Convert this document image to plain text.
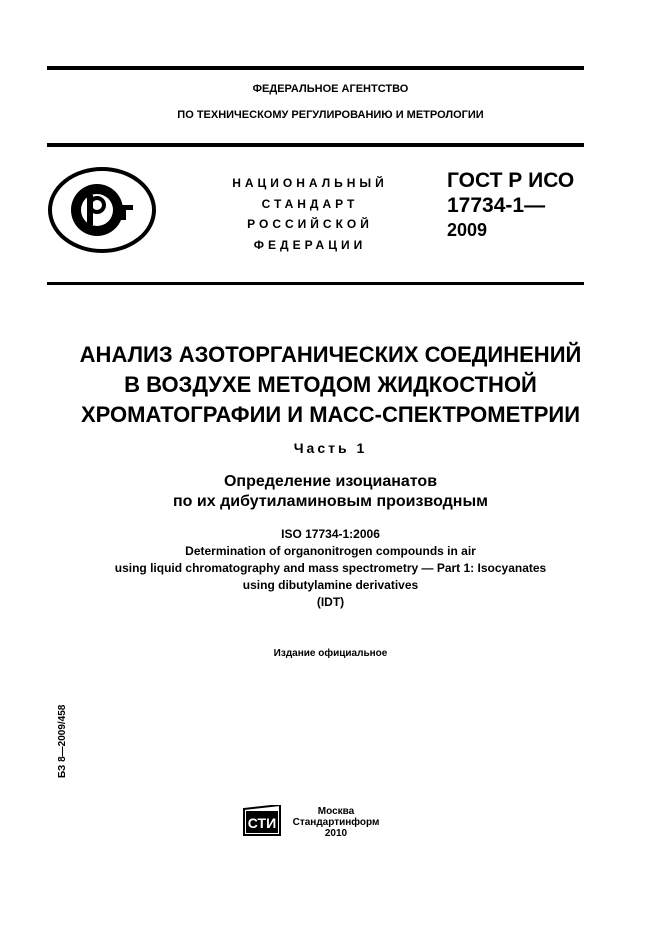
ФЕДЕРАЛЬНОЕ АГЕНТСТВО
ПО ТЕХНИЧЕСКОМУ РЕГУЛИРОВАНИЮ И МЕТРОЛОГИИ
НАЦИОНАЛЬНЫЙ
СТАНДАРТ
РОССИЙСКОЙ
ФЕДЕРАЦИИ
ГОСТ Р ИСО
17734-1—
2009
АНАЛИЗ АЗОТОРГАНИЧЕСКИХ СОЕДИНЕНИЙ
В ВОЗДУХЕ МЕТОДОМ ЖИДКОСТНОЙ
ХРОМАТОГРАФИИ И МАСС-СПЕКТРОМЕТРИИ
Часть 1
Определение изоцианатов
по их дибутиламиновым производным
ISO 17734-1:2006
Determination of organonitrogen compounds in air
using liquid chromatography and mass spectrometry — Part 1: Isocyanates
using dibutylamine derivatives
(IDT)
Издание официальное
БЗ 8—2009/458
СТИ
Москва
Стандартинформ
2010
